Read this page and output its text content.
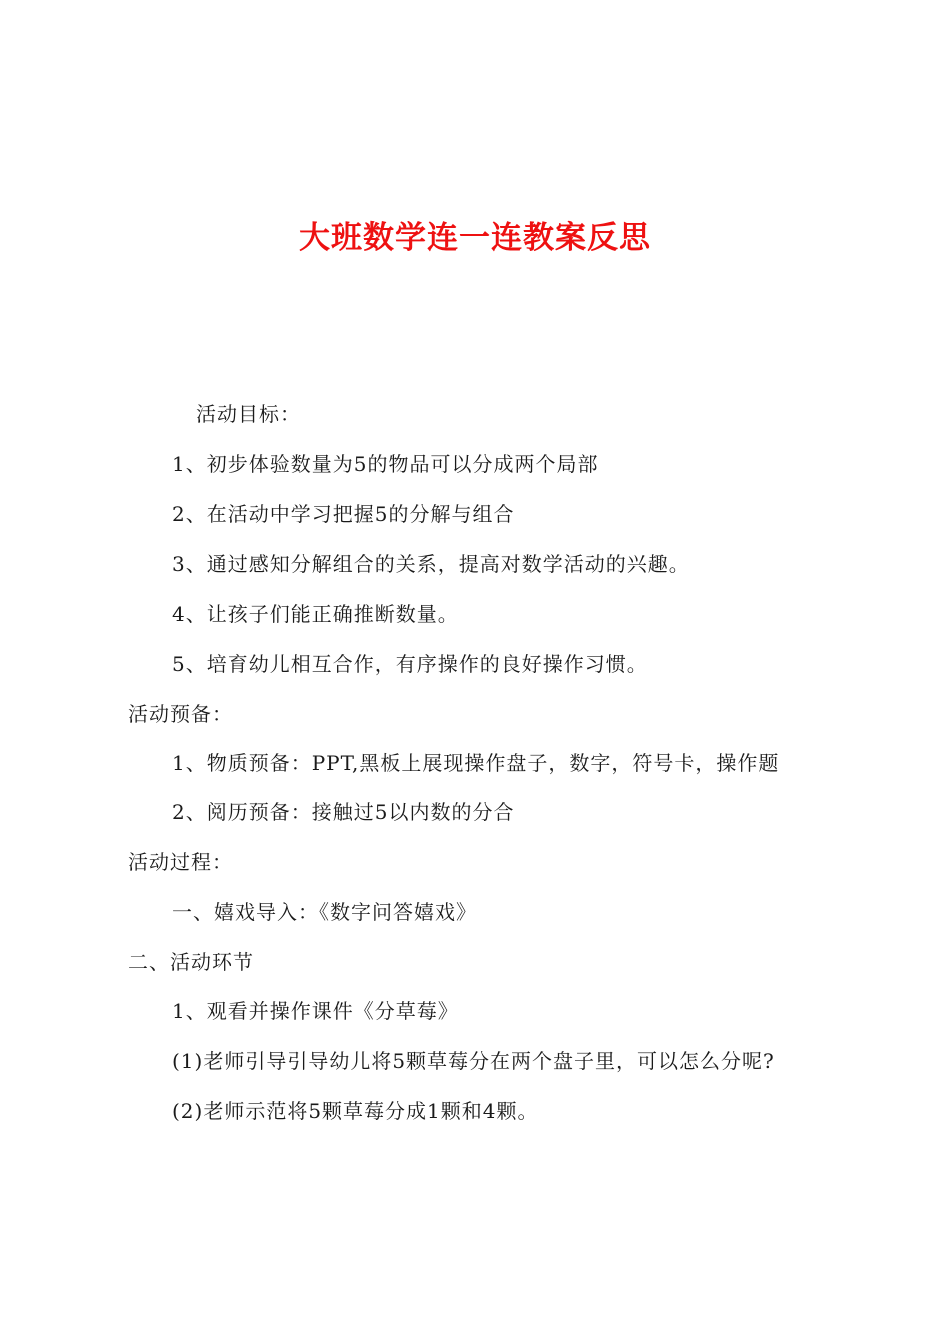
大班数学连一连教案反思

活动目标：

1、初步体验数量为5的物品可以分成两个局部

2、在活动中学习把握5的分解与组合

3、通过感知分解组合的关系，提高对数学活动的兴趣。

4、让孩子们能正确推断数量。

5、培育幼儿相互合作，有序操作的良好操作习惯。

活动预备：

1、物质预备：PPT,黑板上展现操作盘子，数字，符号卡，操作题

2、阅历预备：接触过5以内数的分合

活动过程：

一、嬉戏导入：《数字问答嬉戏》

二、活动环节

1、观看并操作课件《分草莓》

(1)老师引导引导幼儿将5颗草莓分在两个盘子里，可以怎么分呢?

(2)老师示范将5颗草莓分成1颗和4颗。
